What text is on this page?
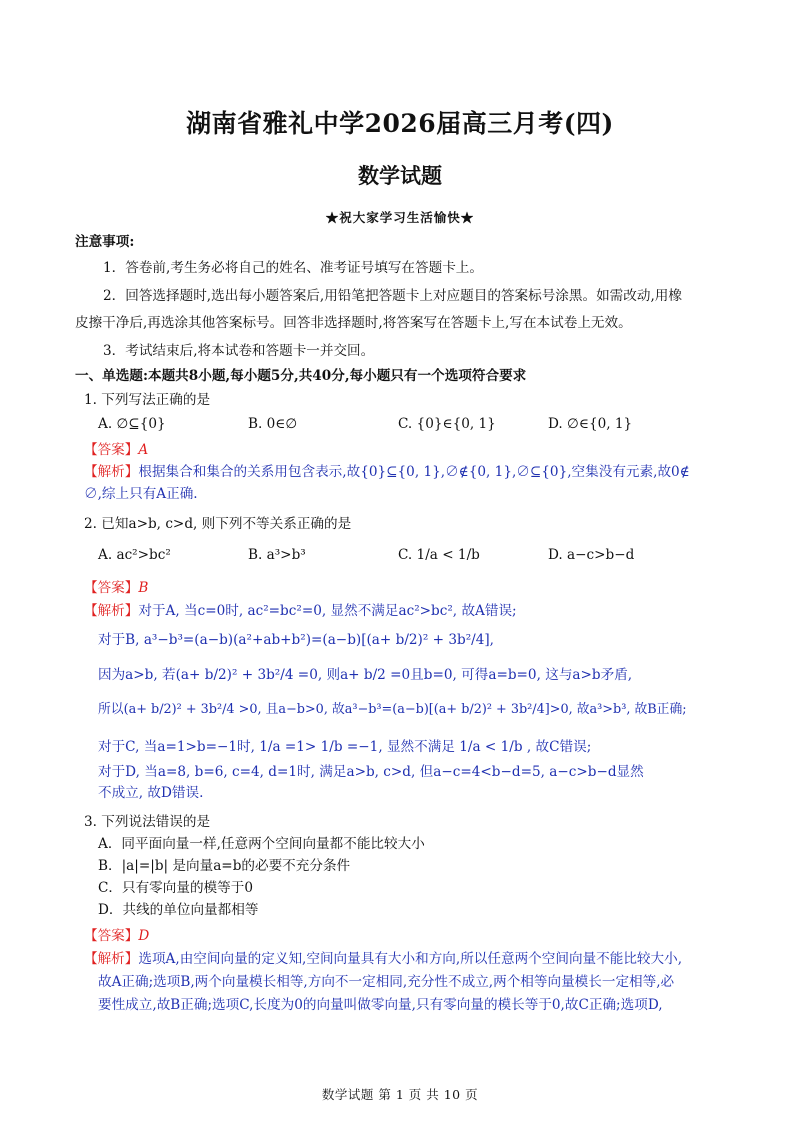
湖南省雅礼中学2026届高三月考(四)
数学试题
★祝大家学习生活愉快★
注意事项:
1．答卷前,考生务必将自己的姓名、准考证号填写在答题卡上。
2．回答选择题时,选出每小题答案后,用铅笔把答题卡上对应题目的答案标号涂黑。如需改动,用橡
皮擦干净后,再选涂其他答案标号。回答非选择题时,将答案写在答题卡上,写在本试卷上无效。
3．考试结束后,将本试卷和答题卡一并交回。
一、单选题:本题共8小题,每小题5分,共40分,每小题只有一个选项符合要求
1. 下列写法正确的是
A. ∅⊆{0}	B. 0∈∅	C. {0}∈{0, 1}	D. ∅∈{0, 1}
【答案】A
【解析】根据集合和集合的关系用包含表示,故{0}⊆{0, 1},∅∉{0, 1},∅⊆{0},空集没有元素,故0∉
∅,综上只有A正确.
2. 已知a>b, c>d, 则下列不等关系正确的是
A. ac²>bc²	B. a³>b³	C. 1/a < 1/b	D. a−c>b−d
【答案】B
【解析】对于A, 当c=0时, ac²=bc²=0, 显然不满足ac²>bc², 故A错误;
对于B, a³−b³=(a−b)(a²+ab+b²)=(a−b)[(a+ b/2)² + 3b²/4],
因为a>b, 若(a+ b/2)² + 3b²/4 =0, 则a+ b/2 =0且b=0, 可得a=b=0, 这与a>b矛盾,
所以(a+ b/2)² + 3b²/4 >0, 且a−b>0, 故a³−b³=(a−b)[(a+ b/2)² + 3b²/4]>0, 故a³>b³, 故B正确;
对于C, 当a=1>b=−1时, 1/a =1> 1/b =−1, 显然不满足 1/a < 1/b , 故C错误;
对于D, 当a=8, b=6, c=4, d=1时, 满足a>b, c>d, 但a−c=4<b−d=5, a−c>b−d显然
不成立, 故D错误.
3. 下列说法错误的是
A．同平面向量一样,任意两个空间向量都不能比较大小
B．|a|=|b| 是向量a=b的必要不充分条件
C．只有零向量的模等于0
D．共线的单位向量都相等
【答案】D
【解析】选项A,由空间向量的定义知,空间向量具有大小和方向,所以任意两个空间向量不能比较大小,
故A正确;选项B,两个向量模长相等,方向不一定相同,充分性不成立,两个相等向量模长一定相等,必
要性成立,故B正确;选项C,长度为0的向量叫做零向量,只有零向量的模长等于0,故C正确;选项D,
数学试题 第 1 页 共 10 页
